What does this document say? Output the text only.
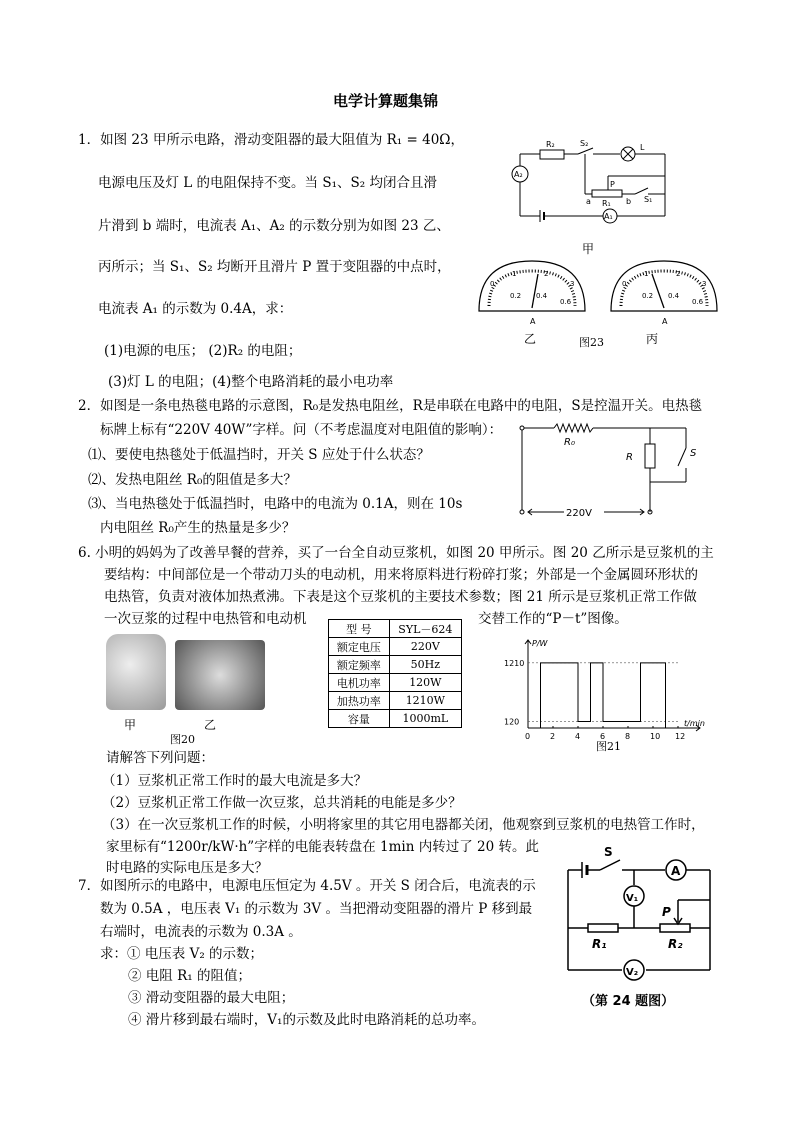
电学计算题集锦
1．如图 23 甲所示电路，滑动变阻器的最大阻值为 R₁ = 40Ω，
电源电压及灯 L 的电阻保持不变。当 S₁、S₂ 均闭合且滑
片滑到 b 端时，电流表 A₁、A₂ 的示数分别为如图 23 乙、
丙所示；当 S₁、S₂ 均断开且滑片 P 置于变阻器的中点时，
电流表 A₁ 的示数为 0.4A，求：
(1)电源的电压； (2)R₂ 的电阻；
(3)灯 L 的电阻；(4)整个电路消耗的最小电功率
R₂	S₂	L
P
R₁	S₁
A₂
A₁
a	b
甲
A
0
1	2
3
0.2 0.4
0.6
A
0
1	2
3
0.2 0.4
0.6
乙	图23	丙
2．如图是一条电热毯电路的示意图，R₀是发热电阻丝，R是串联在电路中的电阻，S是控温开关。电热毯
标牌上标有“220V 40W”字样。问（不考虑温度对电阻值的影响）：
⑴、要使电热毯处于低温挡时，开关 S 应处于什么状态？
⑵、发热电阻丝 R₀的阻值是多大？
⑶、当电热毯处于低温挡时，电路中的电流为 0.1A，则在 10s
内电阻丝 R₀产生的热量是多少？
R₀
R	S
220V
6. 小明的妈妈为了改善早餐的营养，买了一台全自动豆浆机，如图 20 甲所示。图 20 乙所示是豆浆机的主
要结构：中间部位是一个带动刀头的电动机，用来将原料进行粉碎打浆；外部是一个金属圆环形状的
电热管，负责对液体加热煮沸。下表是这个豆浆机的主要技术参数；图 21 所示是豆浆机正常工作做
一次豆浆的过程中电热管和电动机	交替工作的“P－t”图像。
甲	乙
图20
型 号	SYL－624
额定电压	220V
额定频率	50Hz
电机功率	120W
加热功率	1210W
容量	1000mL
0 2 4 6 8 10 12
120
1210
P/W
t/min
图21
请解答下列问题：
（1）豆浆机正常工作时的最大电流是多大？
（2）豆浆机正常工作做一次豆浆，总共消耗的电能是多少？
（3）在一次豆浆机工作的时候，小明将家里的其它用电器都关闭，他观察到豆浆机的电热管工作时，
家里标有“1200r/kW·h”字样的电能表转盘在 1min 内转过了 20 转。此
时电路的实际电压是多大？
7．如图所示的电路中，电源电压恒定为 4.5V 。开关 S 闭合后，电流表的示
数为 0.5A ，电压表 V₁ 的示数为 3V 。当把滑动变阻器的滑片 P 移到最
右端时，电流表的示数为 0.3A 。
求：① 电压表 V₂ 的示数；
② 电阻 R₁ 的阻值；
③ 滑动变阻器的最大电阻；
④ 滑片移到最右端时，V₁的示数及此时电路消耗的总功率。
S
A
V₁
P
R₁	R₂
V₂
（第 24 题图）
